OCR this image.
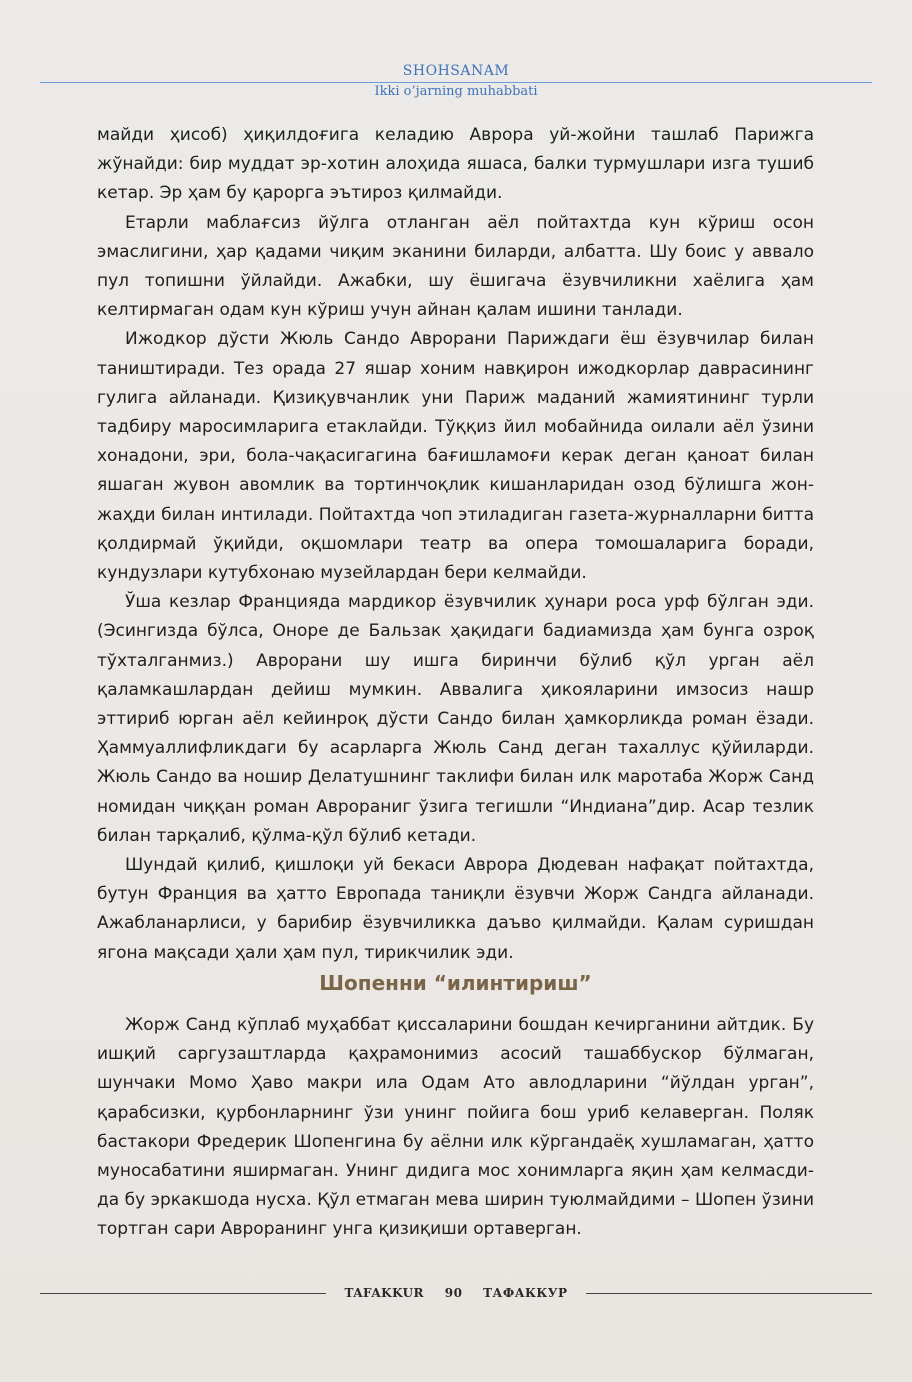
SHOHSANAM
Ikki o’jarning muhabbati

майди ҳисоб) ҳиқилдоғига келадию Аврора уй-жойни ташлаб Парижга жўнайди: бир муддат эр-хотин алоҳида яшаса, балки турмушлари изга тушиб кетар. Эр ҳам бу қарорга эътироз қилмайди.

Етарли маблағсиз йўлга отланган аёл пойтахтда кун кўриш осон эмаслигини, ҳар қадами чиқим эканини биларди, албатта. Шу боис у аввало пул топишни ўйлайди. Ажабки, шу ёшигача ёзувчиликни хаёлига ҳам келтирмаган одам кун кўриш учун айнан қалам ишини танлади.

Ижодкор дўсти Жюль Сандо Аврорани Париждаги ёш ёзувчилар билан таништиради. Тез орада 27 яшар хоним навқирон ижодкорлар даврасининг гулига айланади. Қизиқувчанлик уни Париж маданий жамиятининг турли тадбиру маросимларига етаклайди. Тўққиз йил мобайнида оилали аёл ўзини хонадони, эри, бола-чақасигагина бағишламоғи керак деган қаноат билан яшаган жувон авомлик ва тортинчоқлик кишанларидан озод бўлишга жон-жаҳди билан интилади. Пойтахтда чоп этиладиган газета-журналларни битта қолдирмай ўқийди, оқшомлари театр ва опера томошаларига боради, кундузлари кутубхонаю музейлардан бери келмайди.

Ўша кезлар Францияда мардикор ёзувчилик ҳунари роса урф бўлган эди. (Эсингизда бўлса, Оноре де Бальзак ҳақидаги бадиамизда ҳам бунга озроқ тўхталганмиз.) Аврорани шу ишга биринчи бўлиб қўл урган аёл қаламкашлардан дейиш мумкин. Аввалига ҳикояларини имзосиз нашр эттириб юрган аёл кейинроқ дўсти Сандо билан ҳамкорликда роман ёзади. Ҳаммуаллифликдаги бу асарларга Жюль Санд деган тахаллус қўйиларди. Жюль Сандо ва ношир Делатушнинг таклифи билан илк маротаба Жорж Санд номидан чиққан роман Аврораниг ўзига тегишли “Индиана”дир. Асар тезлик билан тарқалиб, қўлма-қўл бўлиб кетади.

Шундай қилиб, қишлоқи уй бекаси Аврора Дюдеван нафақат пойтахтда, бутун Франция ва ҳатто Европада таниқли ёзувчи Жорж Сандга айланади. Ажабланарлиси, у барибир ёзувчиликка даъво қилмайди. Қалам суришдан ягона мақсади ҳали ҳам пул, тирикчилик эди.

Шопенни “илинтириш”

Жорж Санд кўплаб муҳаббат қиссаларини бошдан кечирганини айтдик. Бу ишқий саргузаштларда қаҳрамонимиз асосий ташаббускор бўлмаган, шунчаки Момо Ҳаво макри ила Одам Ато авлодларини “йўлдан урган”, қарабсизки, қурбонларнинг ўзи унинг пойига бош уриб келаверган. Поляк бастакори Фредерик Шопенгина бу аёлни илк кўргандаёқ хушламаган, ҳатто муносабатини яширмаган. Унинг дидига мос хонимларга яқин ҳам келмасди-да бу эркакшода нусха. Қўл етмаган мева ширин туюлмайдими – Шопен ўзини тортган сари Аврoранинг унга қизиқиши ортаверган.

TAFAKKUR 90 ТАФАККУР
